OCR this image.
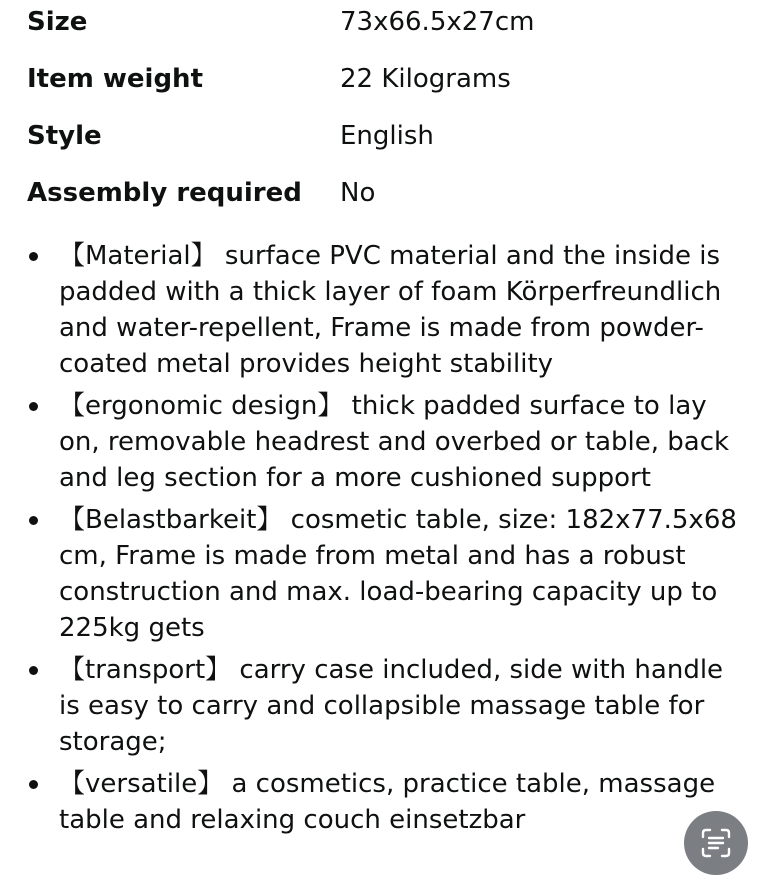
Size	73x66.5x27cm
Item weight	22 Kilograms
Style	English
Assembly required No
【Material】 surface PVC material and the inside is padded with a thick layer of foam Körperfreundlich and water-repellent, Frame is made from powder-coated metal provides height stability
【ergonomic design】 thick padded surface to lay on, removable headrest and overbed or table, back and leg section for a more cushioned support
【Belastbarkeit】 cosmetic table, size: 182x77.5x68 cm, Frame is made from metal and has a robust construction and max. load-bearing capacity up to 225kg gets
【transport】 carry case included, side with handle is easy to carry and collapsible massage table for storage;
【versatile】 a cosmetics, practice table, massage table and relaxing couch einsetzbar
